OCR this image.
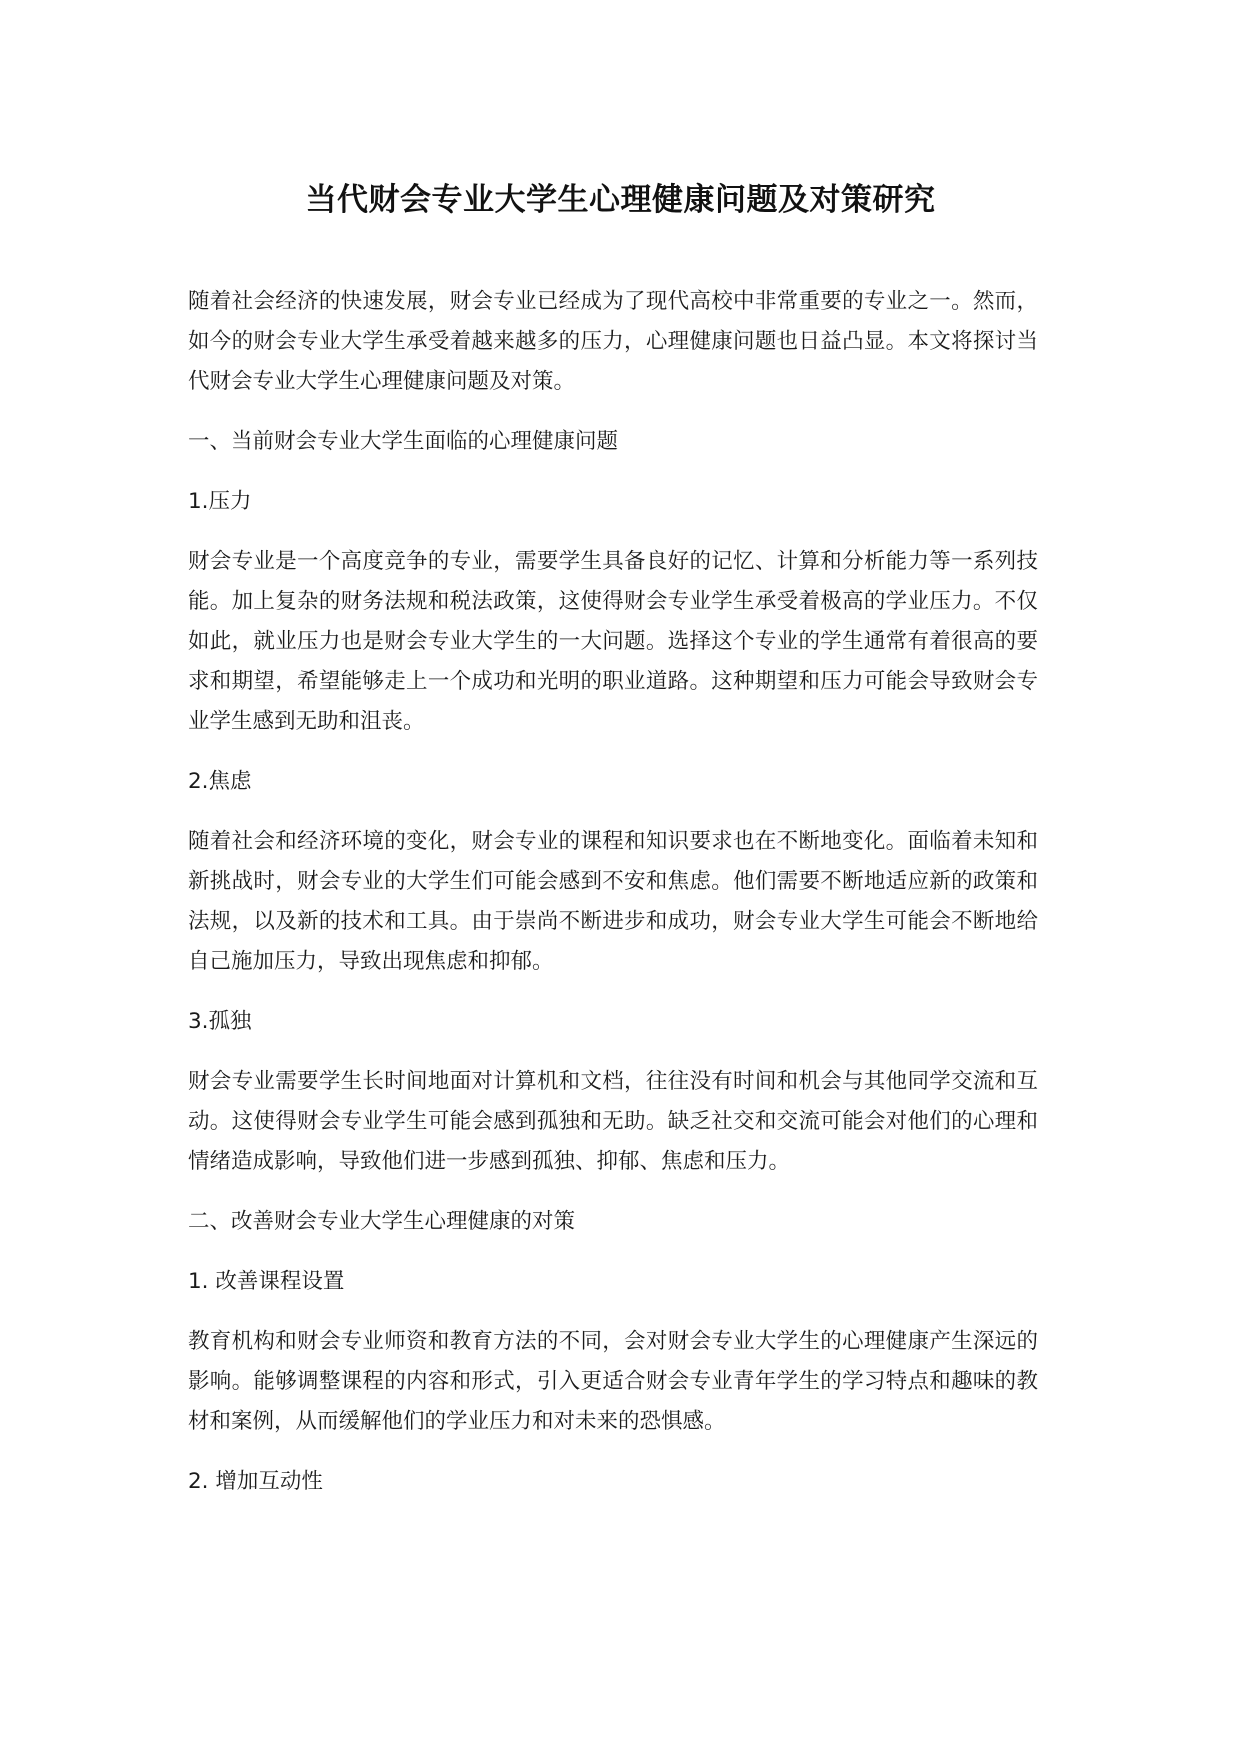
当代财会专业大学生心理健康问题及对策研究

随着社会经济的快速发展，财会专业已经成为了现代高校中非常重要的专业之一。然而，如今的财会专业大学生承受着越来越多的压力，心理健康问题也日益凸显。本文将探讨当代财会专业大学生心理健康问题及对策。

一、当前财会专业大学生面临的心理健康问题

1.压力

财会专业是一个高度竞争的专业，需要学生具备良好的记忆、计算和分析能力等一系列技能。加上复杂的财务法规和税法政策，这使得财会专业学生承受着极高的学业压力。不仅如此，就业压力也是财会专业大学生的一大问题。选择这个专业的学生通常有着很高的要求和期望，希望能够走上一个成功和光明的职业道路。这种期望和压力可能会导致财会专业学生感到无助和沮丧。

2.焦虑

随着社会和经济环境的变化，财会专业的课程和知识要求也在不断地变化。面临着未知和新挑战时，财会专业的大学生们可能会感到不安和焦虑。他们需要不断地适应新的政策和法规，以及新的技术和工具。由于崇尚不断进步和成功，财会专业大学生可能会不断地给自己施加压力，导致出现焦虑和抑郁。

3.孤独

财会专业需要学生长时间地面对计算机和文档，往往没有时间和机会与其他同学交流和互动。这使得财会专业学生可能会感到孤独和无助。缺乏社交和交流可能会对他们的心理和情绪造成影响，导致他们进一步感到孤独、抑郁、焦虑和压力。

二、改善财会专业大学生心理健康的对策

1. 改善课程设置

教育机构和财会专业师资和教育方法的不同，会对财会专业大学生的心理健康产生深远的影响。能够调整课程的内容和形式，引入更适合财会专业青年学生的学习特点和趣味的教材和案例，从而缓解他们的学业压力和对未来的恐惧感。

2. 增加互动性
